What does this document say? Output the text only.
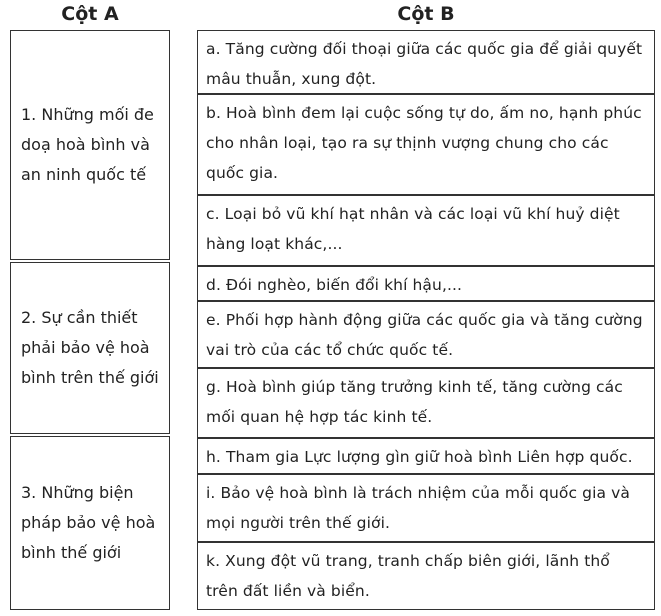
Cột A	Cột B
1. Những mối đe doạ hoà bình và an ninh quốc tế
2. Sự cần thiết phải bảo vệ hoà bình trên thế giới
3. Những biện pháp bảo vệ hoà bình thế giới
a. Tăng cường đối thoại giữa các quốc gia để giải quyết mâu thuẫn, xung đột.
b. Hoà bình đem lại cuộc sống tự do, ấm no, hạnh phúc cho nhân loại, tạo ra sự thịnh vượng chung cho các quốc gia.
c. Loại bỏ vũ khí hạt nhân và các loại vũ khí huỷ diệt hàng loạt khác,...
d. Đói nghèo, biến đổi khí hậu,...
e. Phối hợp hành động giữa các quốc gia và tăng cường vai trò của các tổ chức quốc tế.
g. Hoà bình giúp tăng trưởng kinh tế, tăng cường các mối quan hệ hợp tác kinh tế.
h. Tham gia Lực lượng gìn giữ hoà bình Liên hợp quốc.
i. Bảo vệ hoà bình là trách nhiệm của mỗi quốc gia và mọi người trên thế giới.
k. Xung đột vũ trang, tranh chấp biên giới, lãnh thổ trên đất liền và biển.
